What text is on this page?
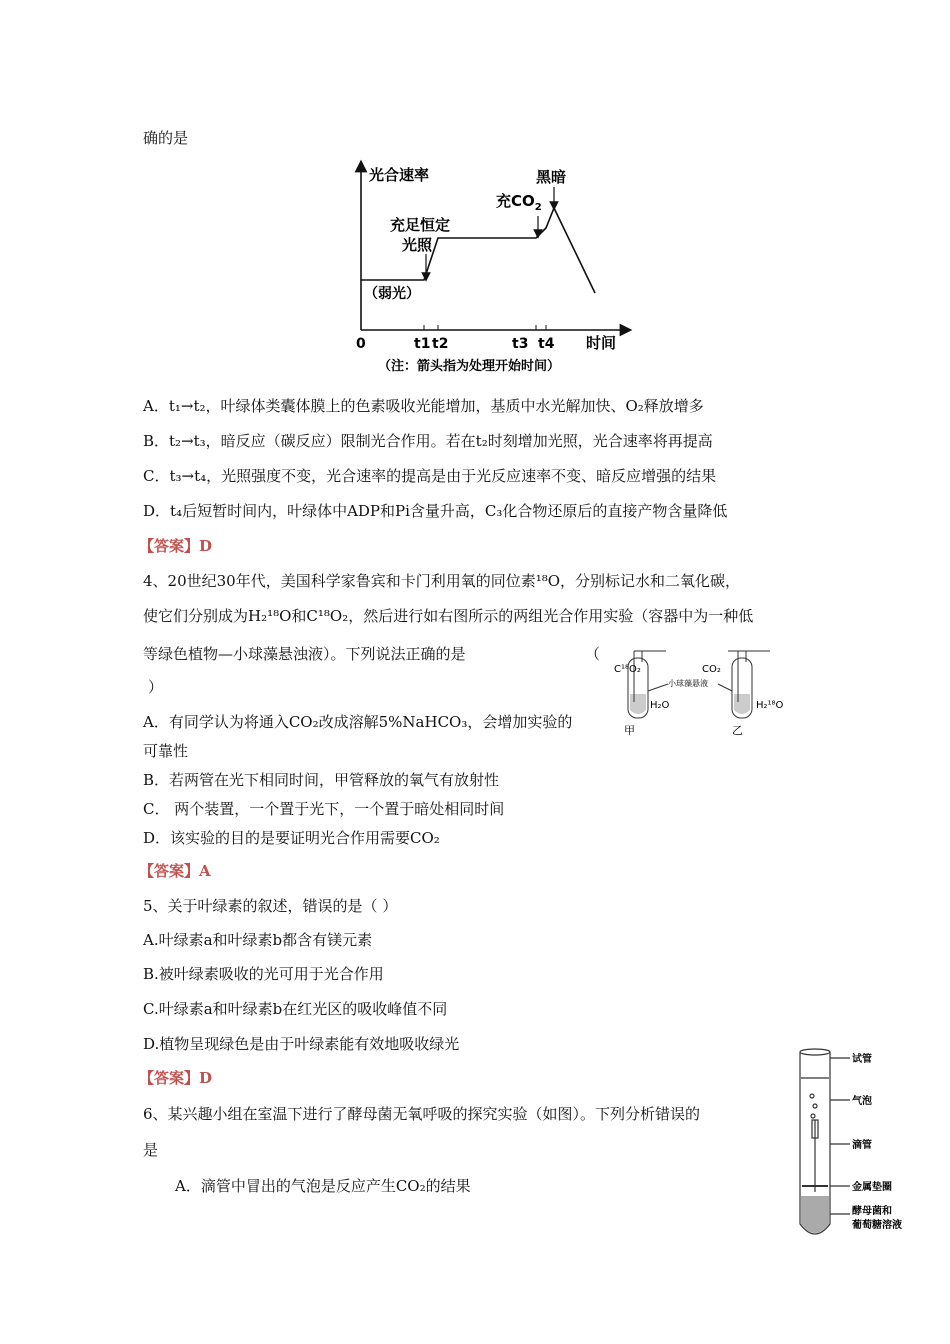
确的是
光合速率
（弱光）
充足恒定
光照
充$CO_2$
黑暗
0	t1 t2	t3 t4 时间
（注：箭头指为处理开始时间）
A．t₁→t₂，叶绿体类囊体膜上的色素吸收光能增加，基质中水光解加快、O₂释放增多
B．t₂→t₃，暗反应（碳反应）限制光合作用。若在t₂时刻增加光照，光合速率将再提高
C．t₃→t₄，光照强度不变，光合速率的提高是由于光反应速率不变、暗反应增强的结果
D．t₄后短暂时间内，叶绿体中ADP和Pi含量升高，C₃化合物还原后的直接产物含量降低
【答案】D
4、20世纪30年代，美国科学家鲁宾和卡门利用氧的同位素¹⁸O，分别标记水和二氧化碳，
使它们分别成为H₂¹⁸O和C¹⁸O₂，然后进行如右图所示的两组光合作用实验（容器中为一种低
等绿色植物—小球藻悬浊液）。下列说法正确的是	（
）
C¹⁸O₂	CO₂
小球藻悬液
H₂O	H₂¹⁸O
甲	乙
A．有同学认为将通入CO₂改成溶解5%NaHCO₃，会增加实验的
可靠性
B．若两管在光下相同时间，甲管释放的氧气有放射性
C． 两个装置，一个置于光下，一个置于暗处相同时间
D．该实验的目的是要证明光合作用需要CO₂
【答案】A
5、关于叶绿素的叙述，错误的是（ ）
A.叶绿素a和叶绿素b都含有镁元素
B.被叶绿素吸收的光可用于光合作用
C.叶绿素a和叶绿素b在红光区的吸收峰值不同
D.植物呈现绿色是由于叶绿素能有效地吸收绿光
【答案】D
6、某兴趣小组在室温下进行了酵母菌无氧呼吸的探究实验（如图）。下列分析错误的
是
A．滴管中冒出的气泡是反应产生CO₂的结果
试管
气泡
滴管
金属垫圈
酵母菌和
葡萄糖溶液
